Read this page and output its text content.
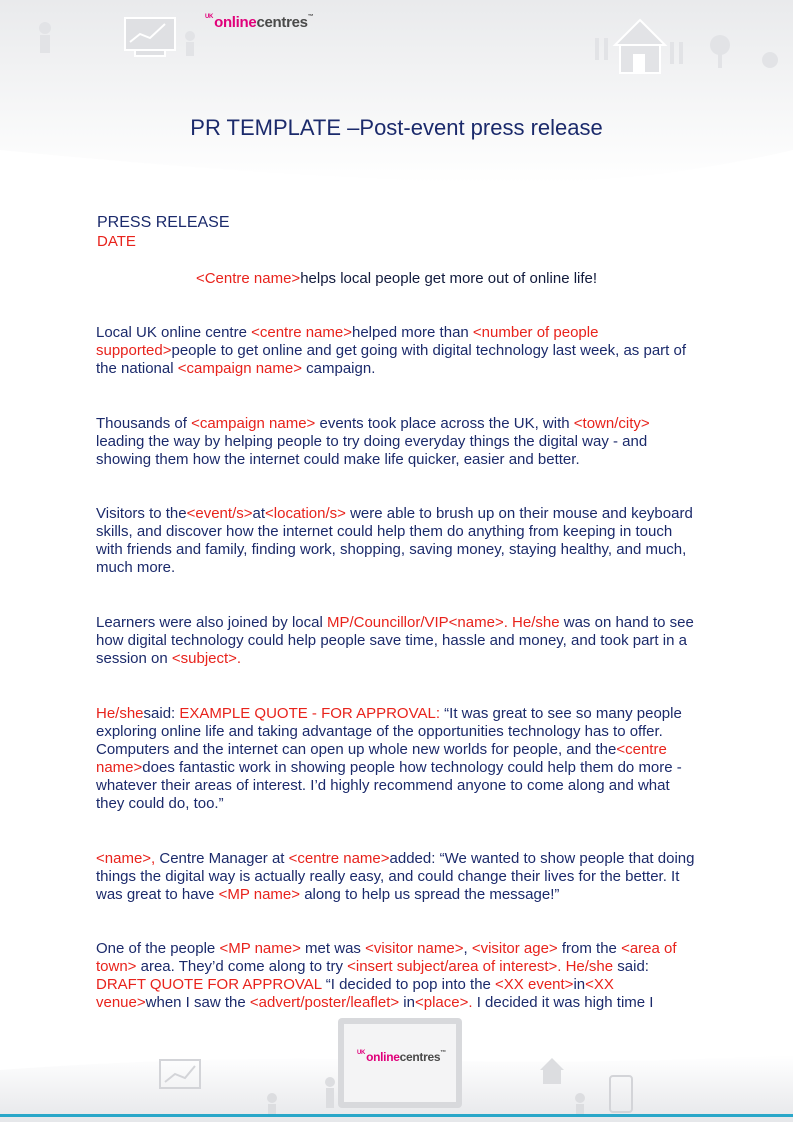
$^{UK}$onlinecentres™
PR TEMPLATE –Post-event press release
PRESS RELEASE
DATE
<Centre name>helps local people get more out of online life!

Local UK online centre <centre name>helped more than <number of people supported>people to get online and get going with digital technology last week, as part of the national <campaign name> campaign.

Thousands of <campaign name> events took place across the UK, with <town/city> leading the way by helping people to try doing everyday things the digital way - and showing them how the internet could make life quicker, easier and better.

Visitors to the<event/s>at<location/s> were able to brush up on their mouse and keyboard skills, and discover how the internet could help them do anything from keeping in touch with friends and family, finding work, shopping, saving money, staying healthy, and much, much more.

Learners were also joined by local MP/Councillor/VIP<name>. He/she was on hand to see how digital technology could help people save time, hassle and money, and took part in a session on <subject>.

He/shesaid: EXAMPLE QUOTE - FOR APPROVAL: “It was great to see so many people exploring online life and taking advantage of the opportunities technology has to offer. Computers and the internet can open up whole new worlds for people, and the<centre name>does fantastic work in showing people how technology could help them do more - whatever their areas of interest. I’d highly recommend anyone to come along and what they could do, too.”

<name>, Centre Manager at <centre name>added: “We wanted to show people that doing things the digital way is actually really easy, and could change their lives for the better. It was great to have <MP name> along to help us spread the message!”

One of the people <MP name> met was <visitor name>, <visitor age> from the <area of town> area. They’d come along to try <insert subject/area of interest>. He/she said: DRAFT QUOTE FOR APPROVAL “I decided to pop into the <XX event>in<XX venue>when I saw the <advert/poster/leaflet> in<place>. I decided it was high time I

$^{UK}$onlinecentres™
